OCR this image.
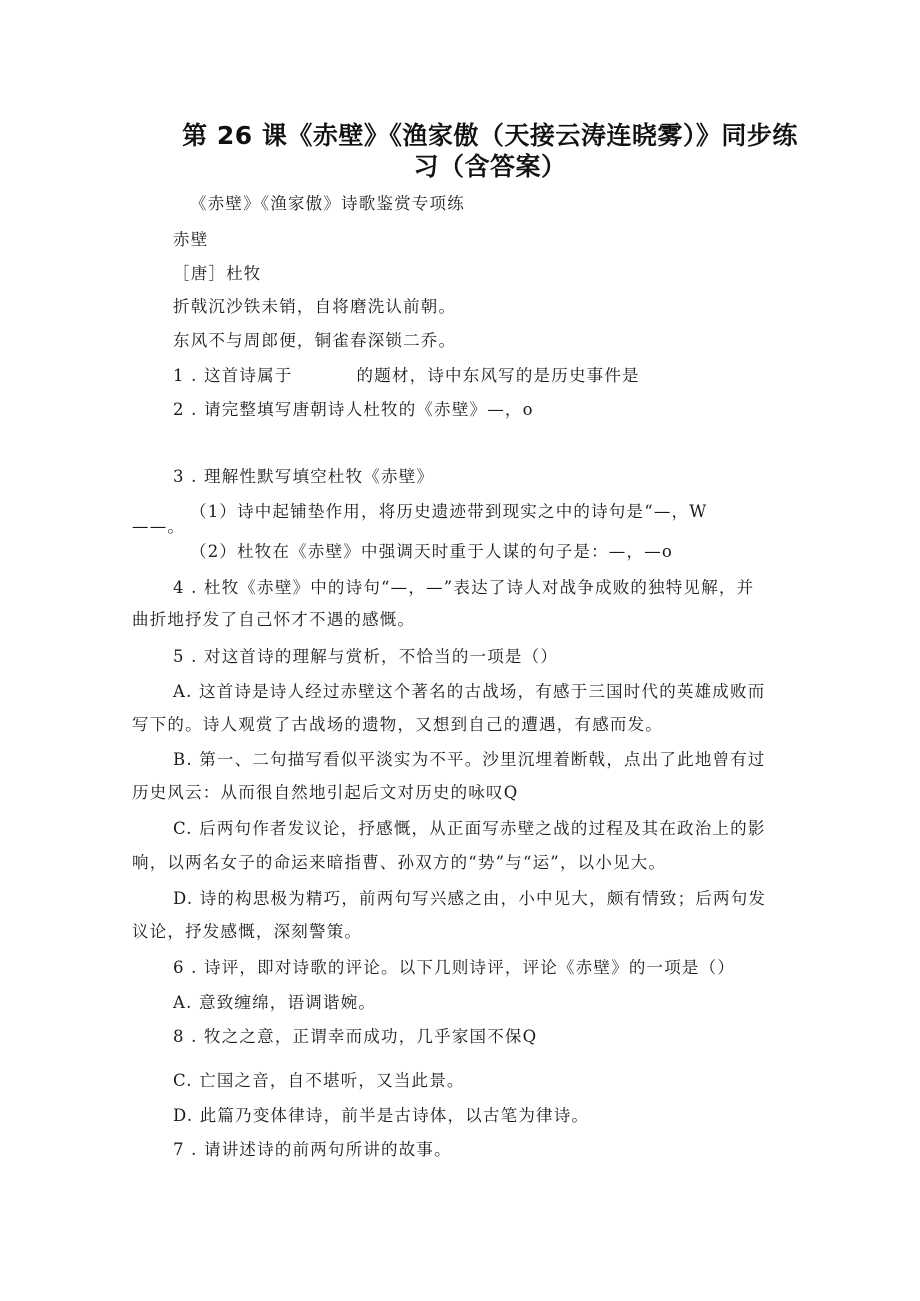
第 26 课《赤壁》《渔家傲（天接云涛连晓雾）》同步练
习（含答案）
《赤壁》《渔家傲》诗歌鉴赏专项练
赤壁
［唐］杜牧
折戟沉沙铁未销，自将磨洗认前朝。
东风不与周郎便，铜雀春深锁二乔。
1 . 这首诗属于	的题材，诗中东风写的是历史事件是
2 . 请完整填写唐朝诗人杜牧的《赤壁》—，o
3 . 理解性默写填空杜牧《赤壁》
（1）诗中起铺垫作用，将历史遗迹带到现实之中的诗句是“—，W
——。
（2）杜牧在《赤壁》中强调天时重于人谋的句子是：—，—o
4 . 杜牧《赤壁》中的诗句“—，—”表达了诗人对战争成败的独特见解，并
曲折地抒发了自己怀才不遇的感慨。
5 . 对这首诗的理解与赏析，不恰当的一项是（）
A. 这首诗是诗人经过赤壁这个著名的古战场，有感于三国时代的英雄成败而
写下的。诗人观赏了古战场的遗物，又想到自己的遭遇，有感而发。
B. 第一、二句描写看似平淡实为不平。沙里沉埋着断戟，点出了此地曾有过
历史风云：从而很自然地引起后文对历史的咏叹Q
C. 后两句作者发议论，抒感慨，从正面写赤壁之战的过程及其在政治上的影
响，以两名女子的命运来暗指曹、孙双方的“势”与“运”，以小见大。
D. 诗的构思极为精巧，前两句写兴感之由，小中见大，颇有情致；后两句发
议论，抒发感慨，深刻警策。
6 . 诗评，即对诗歌的评论。以下几则诗评，评论《赤壁》的一项是（）
A. 意致缠绵，语调谐婉。
8 . 牧之之意，正谓幸而成功，几乎家国不保Q
C. 亡国之音，自不堪听，又当此景。
D. 此篇乃变体律诗，前半是古诗体，以古笔为律诗。
7 . 请讲述诗的前两句所讲的故事。
